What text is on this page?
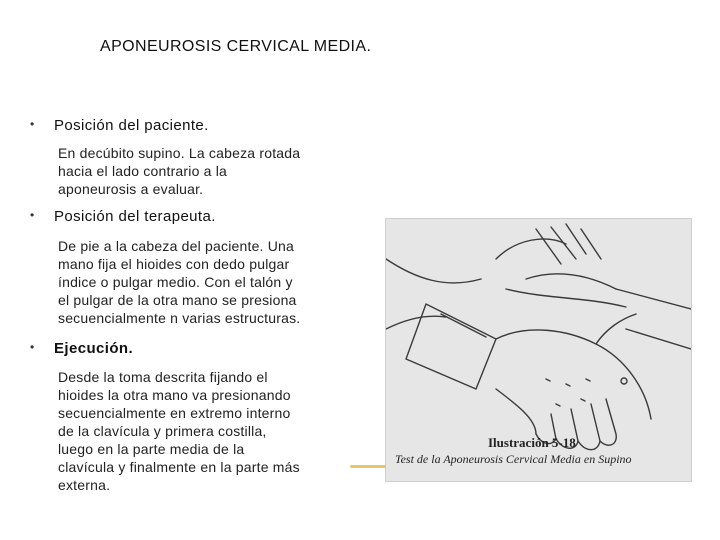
APONEUROSIS CERVICAL MEDIA.
• Posición del paciente.
En decúbito supino. La cabeza rotada
hacia el lado contrario a la
aponeurosis a evaluar.
• Posición del terapeuta.
De pie a la cabeza del paciente. Una
mano fija el hioides con dedo pulgar
índice o pulgar medio. Con el talón y
el pulgar de la otra mano se presiona
secuencialmente n varias estructuras.
• Ejecución.
Desde la toma descrita fijando el
hioides la otra mano va presionando
secuencialmente en extremo interno
de la clavícula y primera costilla,
luego en la parte media de la
clavícula y finalmente en la parte más
externa.
Ilustración 5-18
Test de la Aponeurosis Cervical Media en Supino
